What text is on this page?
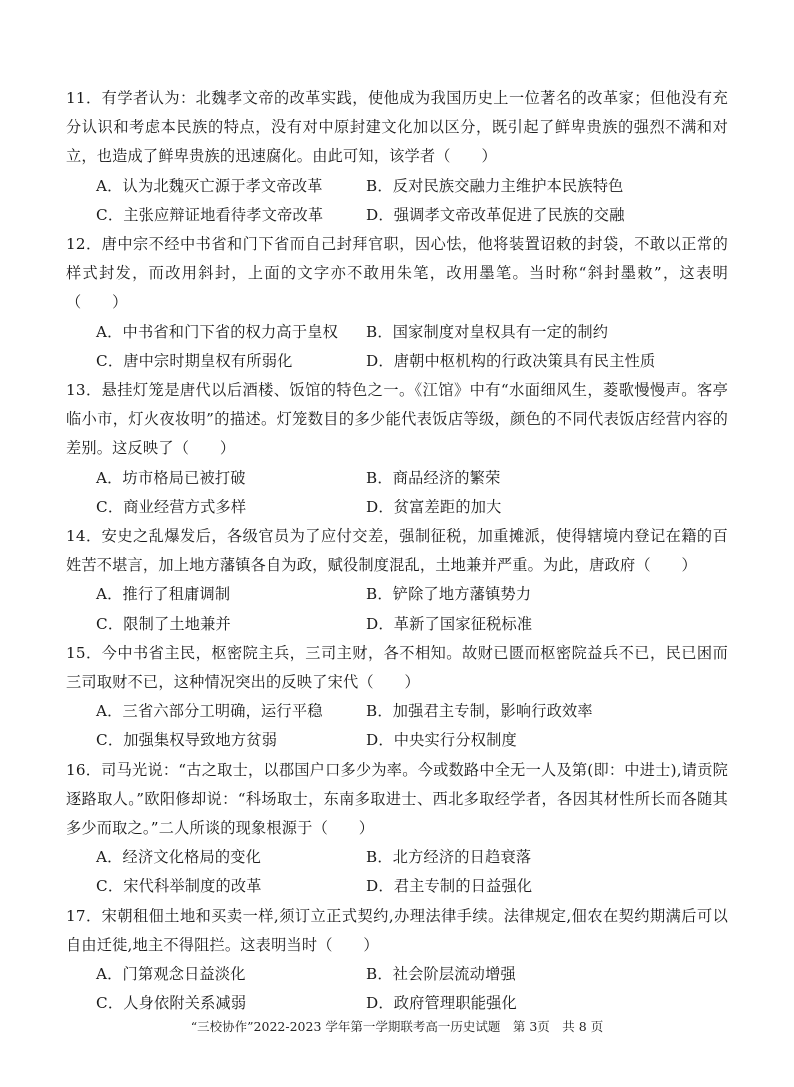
11．有学者认为：北魏孝文帝的改革实践，使他成为我国历史上一位著名的改革家；但他没有充分认识和考虑本民族的特点，没有对中原封建文化加以区分，既引起了鲜卑贵族的强烈不满和对立，也造成了鲜卑贵族的迅速腐化。由此可知，该学者（　　）

A．认为北魏灭亡源于孝文帝改革	B．反对民族交融力主维护本民族特色

C．主张应辩证地看待孝文帝改革	D．强调孝文帝改革促进了民族的交融

12．唐中宗不经中书省和门下省而自己封拜官职，因心怯，他将装置诏敕的封袋，不敢以正常的样式封发，而改用斜封，上面的文字亦不敢用朱笔，改用墨笔。当时称“斜封墨敕”，这表明（　　）

A．中书省和门下省的权力高于皇权	B．国家制度对皇权具有一定的制约

C．唐中宗时期皇权有所弱化	D．唐朝中枢机构的行政决策具有民主性质

13．悬挂灯笼是唐代以后酒楼、饭馆的特色之一。《江馆》中有“水面细风生，菱歌慢慢声。客亭临小市，灯火夜妆明”的描述。灯笼数目的多少能代表饭店等级，颜色的不同代表饭店经营内容的差别。这反映了（　　）

A．坊市格局已被打破	B．商品经济的繁荣

C．商业经营方式多样	D．贫富差距的加大

14．安史之乱爆发后，各级官员为了应付交差，强制征税，加重摊派，使得辖境内登记在籍的百姓苦不堪言，加上地方藩镇各自为政，赋役制度混乱，土地兼并严重。为此，唐政府（　　）

A．推行了租庸调制	B．铲除了地方藩镇势力

C．限制了土地兼并	D．革新了国家征税标准

15．今中书省主民，枢密院主兵，三司主财，各不相知。故财已匮而枢密院益兵不已，民已困而三司取财不已，这种情况突出的反映了宋代（　　）

A．三省六部分工明确，运行平稳	B．加强君主专制，影响行政效率

C．加强集权导致地方贫弱	D．中央实行分权制度

16．司马光说：“古之取士，以郡国户口多少为率。今或数路中全无一人及第(即：中进士),请贡院逐路取人。”欧阳修却说：“科场取士，东南多取进士、西北多取经学者，各因其材性所长而各随其多少而取之。”二人所谈的现象根源于（　　）

A．经济文化格局的变化	B．北方经济的日趋衰落

C．宋代科举制度的改革	D．君主专制的日益强化

17．宋朝租佃土地和买卖一样,须订立正式契约,办理法律手续。法律规定,佃农在契约期满后可以自由迁徙,地主不得阻拦。这表明当时（　　）

A．门第观念日益淡化	B．社会阶层流动增强

C．人身依附关系减弱	D．政府管理职能强化

“三校协作”2022-2023 学年第一学期联考高一历史试题　第 3页　共 8 页
